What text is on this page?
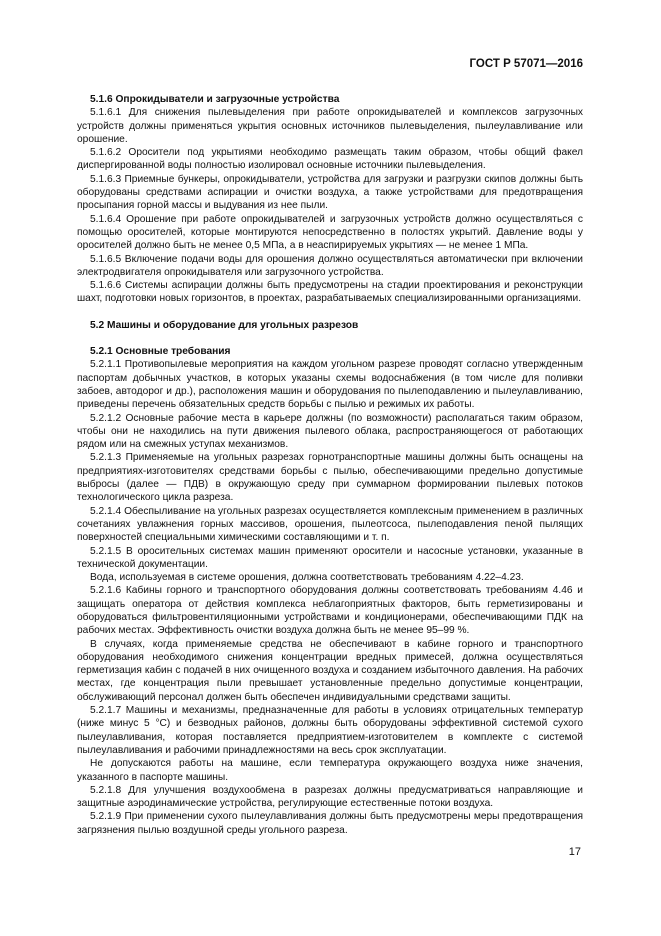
ГОСТ Р 57071—2016

5.1.6 Опрокидыватели и загрузочные устройства

5.1.6.1 Для снижения пылевыделения при работе опрокидывателей и комплексов загрузочных устройств должны применяться укрытия основных источников пылевыделения, пылеулавливание или орошение.

5.1.6.2 Оросители под укрытиями необходимо размещать таким образом, чтобы общий факел диспергированной воды полностью изолировал основные источники пылевыделения.

5.1.6.3 Приемные бункеры, опрокидыватели, устройства для загрузки и разгрузки скипов должны быть оборудованы средствами аспирации и очистки воздуха, а также устройствами для предотвращения просыпания горной массы и выдувания из нее пыли.

5.1.6.4 Орошение при работе опрокидывателей и загрузочных устройств должно осуществляться с помощью оросителей, которые монтируются непосредственно в полостях укрытий. Давление воды у оросителей должно быть не менее 0,5 МПа, а в неаспирируемых укрытиях — не менее 1 МПа.

5.1.6.5 Включение подачи воды для орошения должно осуществляться автоматически при включении электродвигателя опрокидывателя или загрузочного устройства.

5.1.6.6 Системы аспирации должны быть предусмотрены на стадии проектирования и реконструкции шахт, подготовки новых горизонтов, в проектах, разрабатываемых специализированными организациями.

5.2 Машины и оборудование для угольных разрезов

5.2.1 Основные требования

5.2.1.1 Противопылевые мероприятия на каждом угольном разрезе проводят согласно утвержденным паспортам добычных участков, в которых указаны схемы водоснабжения (в том числе для поливки забоев, автодорог и др.), расположения машин и оборудования по пылеподавлению и пылеулавливанию, приведены перечень обязательных средств борьбы с пылью и режимых их работы.

5.2.1.2 Основные рабочие места в карьере должны (по возможности) располагаться таким образом, чтобы они не находились на пути движения пылевого облака, распространяющегося от работающих рядом или на смежных уступах механизмов.

5.2.1.3 Применяемые на угольных разрезах горнотранспортные машины должны быть оснащены на предприятиях-изготовителях средствами борьбы с пылью, обеспечивающими предельно допустимые выбросы (далее — ПДВ) в окружающую среду при суммарном формировании пылевых потоков технологического цикла разреза.

5.2.1.4 Обеспыливание на угольных разрезах осуществляется комплексным применением в различных сочетаниях увлажнения горных массивов, орошения, пылеотсоса, пылеподавления пеной пылящих поверхностей специальными химическими составляющими и т. п.

5.2.1.5 В оросительных системах машин применяют оросители и насосные установки, указанные в технической документации.

Вода, используемая в системе орошения, должна соответствовать требованиям 4.22–4.23.

5.2.1.6 Кабины горного и транспортного оборудования должны соответствовать требованиям 4.46 и защищать оператора от действия комплекса неблагоприятных факторов, быть герметизированы и оборудоваться фильтровентиляционными устройствами и кондиционерами, обеспечивающими ПДК на рабочих местах. Эффективность очистки воздуха должна быть не менее 95–99 %.

В случаях, когда применяемые средства не обеспечивают в кабине горного и транспортного оборудования необходимого снижения концентрации вредных примесей, должна осуществляться герметизация кабин с подачей в них очищенного воздуха и созданием избыточного давления. На рабочих местах, где концентрация пыли превышает установленные предельно допустимые концентрации, обслуживающий персонал должен быть обеспечен индивидуальными средствами защиты.

5.2.1.7 Машины и механизмы, предназначенные для работы в условиях отрицательных температур (ниже минус 5 °С) и безводных районов, должны быть оборудованы эффективной системой сухого пылеулавливания, которая поставляется предприятием-изготовителем в комплекте с системой пылеулавливания и рабочими принадлежностями на весь срок эксплуатации.

Не допускаются работы на машине, если температура окружающего воздуха ниже значения, указанного в паспорте машины.

5.2.1.8 Для улучшения воздухообмена в разрезах должны предусматриваться направляющие и защитные аэродинамические устройства, регулирующие естественные потоки воздуха.

5.2.1.9 При применении сухого пылеулавливания должны быть предусмотрены меры предотвращения загрязнения пылью воздушной среды угольного разреза.

17
